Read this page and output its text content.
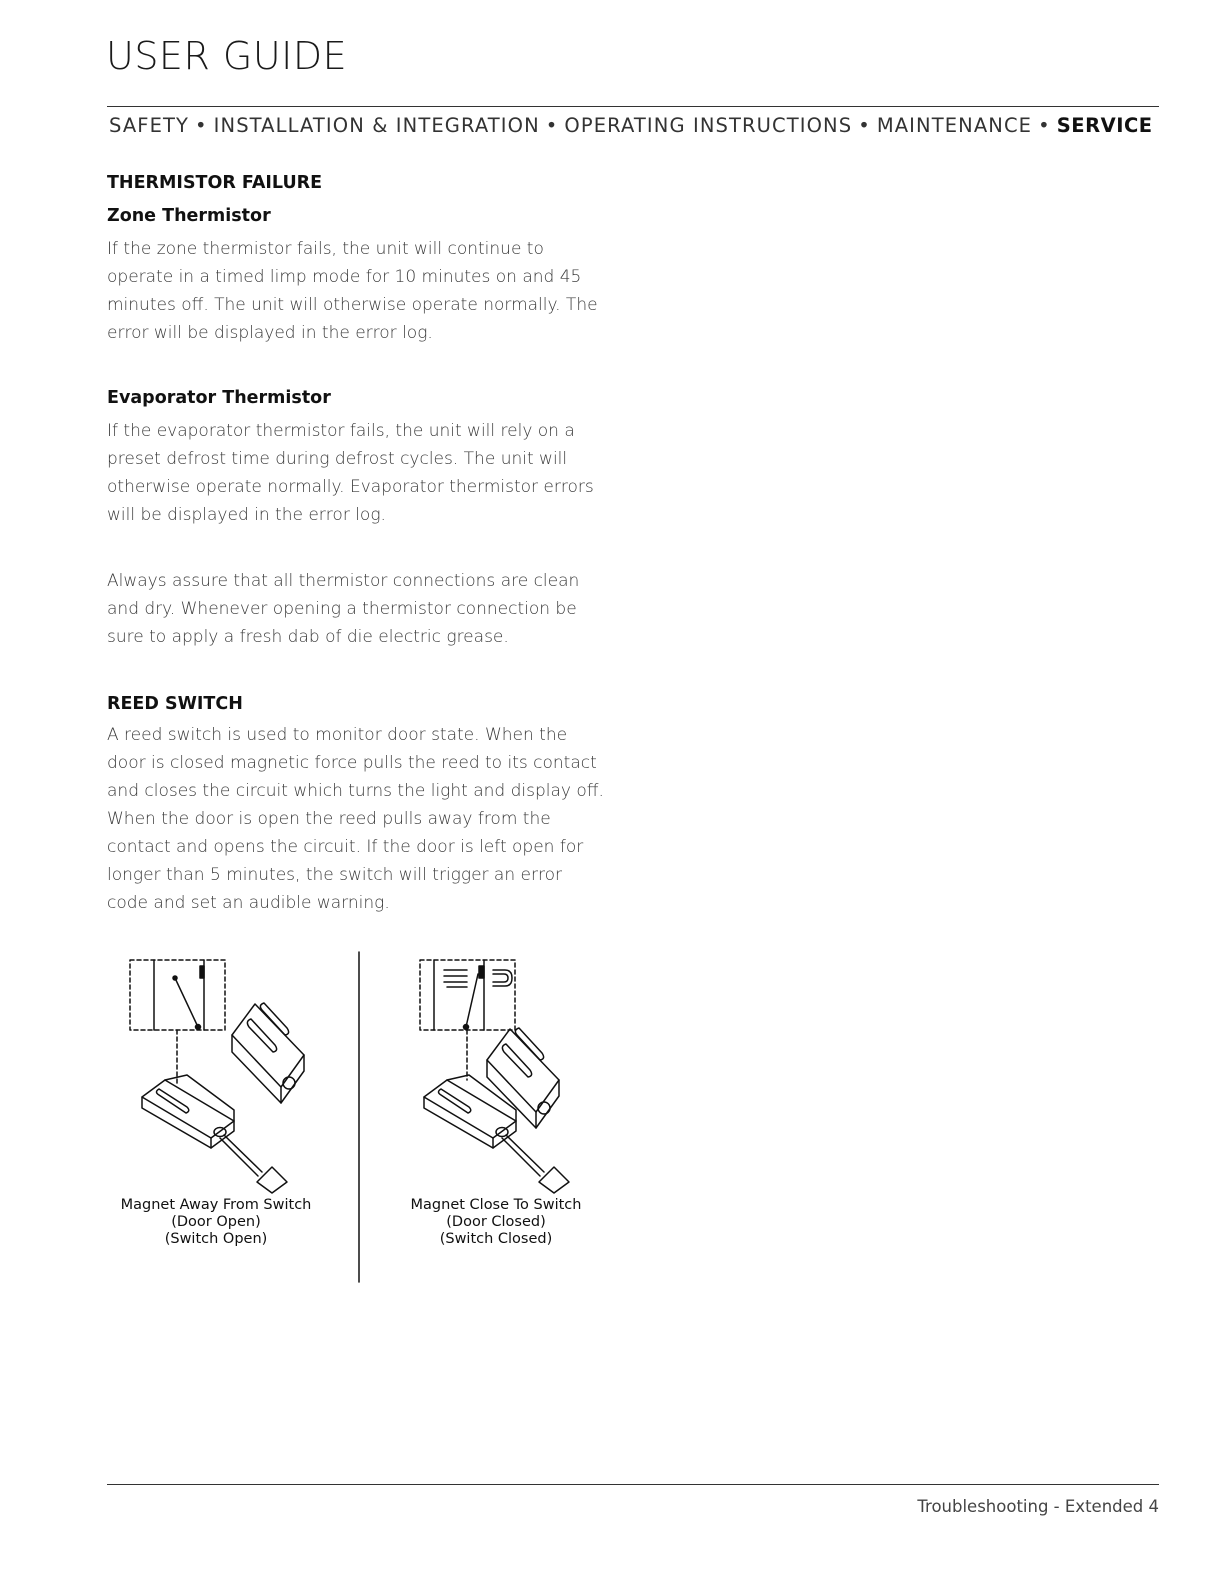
USER GUIDE
SAFETY • INSTALLATION & INTEGRATION • OPERATING INSTRUCTIONS • MAINTENANCE • SERVICE

THERMISTOR FAILURE

Zone Thermistor

If the zone thermistor fails, the unit will continue to operate in a timed limp mode for 10 minutes on and 45 minutes off. The unit will otherwise operate normally. The error will be displayed in the error log.

Evaporator Thermistor

If the evaporator thermistor fails, the unit will rely on a preset defrost time during defrost cycles. The unit will otherwise operate normally. Evaporator thermistor errors will be displayed in the error log.

Always assure that all thermistor connections are clean and dry. Whenever opening a thermistor connection be sure to apply a fresh dab of die electric grease.

REED SWITCH

A reed switch is used to monitor door state. When the door is closed magnetic force pulls the reed to its contact and closes the circuit which turns the light and display off. When the door is open the reed pulls away from the contact and opens the circuit. If the door is left open for longer than 5 minutes, the switch will trigger an error code and set an audible warning.

Magnet Away From Switch
(Door Open)
(Switch Open)
Magnet Close To Switch
(Door Closed)
(Switch Closed)
Troubleshooting - Extended 4
